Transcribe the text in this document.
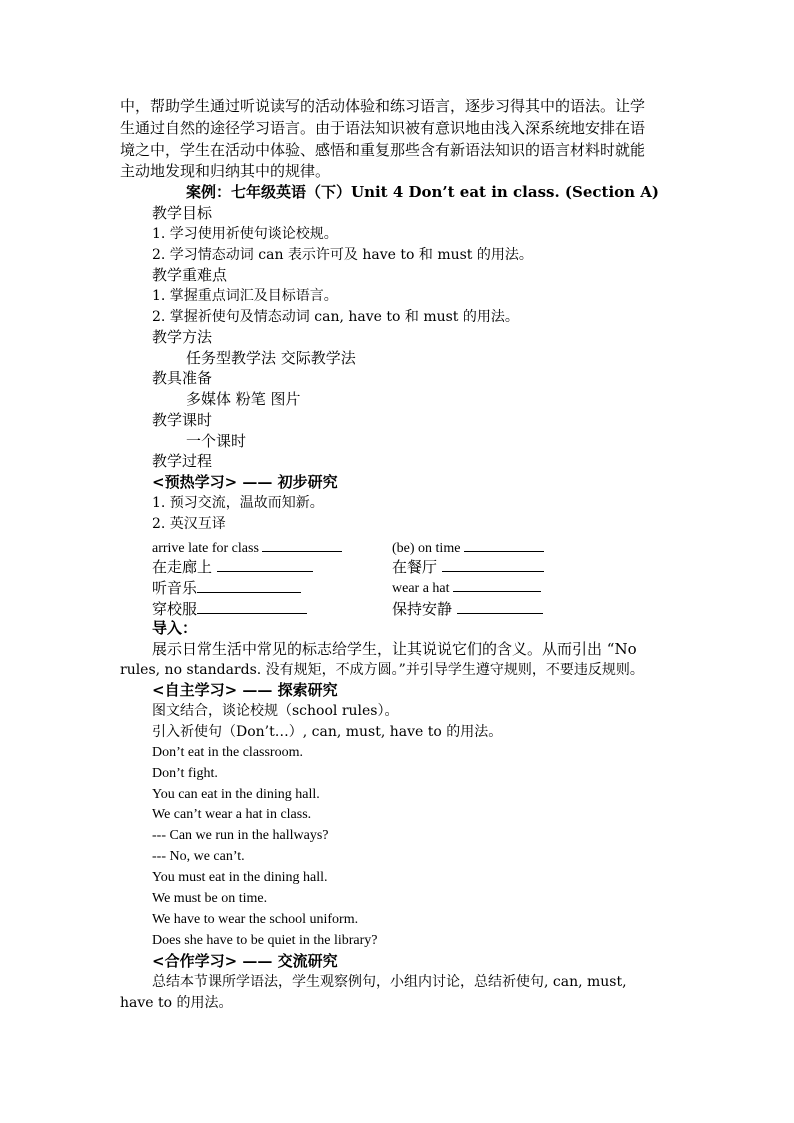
中，帮助学生通过听说读写的活动体验和练习语言，逐步习得其中的语法。让学
生通过自然的途径学习语言。由于语法知识被有意识地由浅入深系统地安排在语
境之中，学生在活动中体验、感悟和重复那些含有新语法知识的语言材料时就能
主动地发现和归纳其中的规律。
案例：七年级英语（下）Unit 4 Don’t eat in class. (Section A)
教学目标
1. 学习使用祈使句谈论校规。
2. 学习情态动词 can 表示许可及 have to 和 must 的用法。
教学重难点
1. 掌握重点词汇及目标语言。
2. 掌握祈使句及情态动词 can, have to 和 must 的用法。
教学方法
任务型教学法 交际教学法
教具准备
多媒体 粉笔 图片
教学课时
一个课时
教学过程
<预热学习> —— 初步研究
1. 预习交流，温故而知新。
2. 英汉互译
arrive late for class	(be) on time
在走廊上	在餐厅
听音乐	wear a hat
穿校服	保持安静
导入：
展示日常生活中常见的标志给学生，让其说说它们的含义。从而引出 “No
rules, no standards. 没有规矩，不成方圆。”并引导学生遵守规则，不要违反规则。
<自主学习> —— 探索研究
图文结合，谈论校规（school rules）。
引入祈使句（Don’t…）, can, must, have to 的用法。
Don’t eat in the classroom.
Don’t fight.
You can eat in the dining hall.
We can’t wear a hat in class.
--- Can we run in the hallways?
--- No, we can’t.
You must eat in the dining hall.
We must be on time.
We have to wear the school uniform.
Does she have to be quiet in the library?
<合作学习> —— 交流研究
总结本节课所学语法，学生观察例句，小组内讨论，总结祈使句, can, must,
have to 的用法。
